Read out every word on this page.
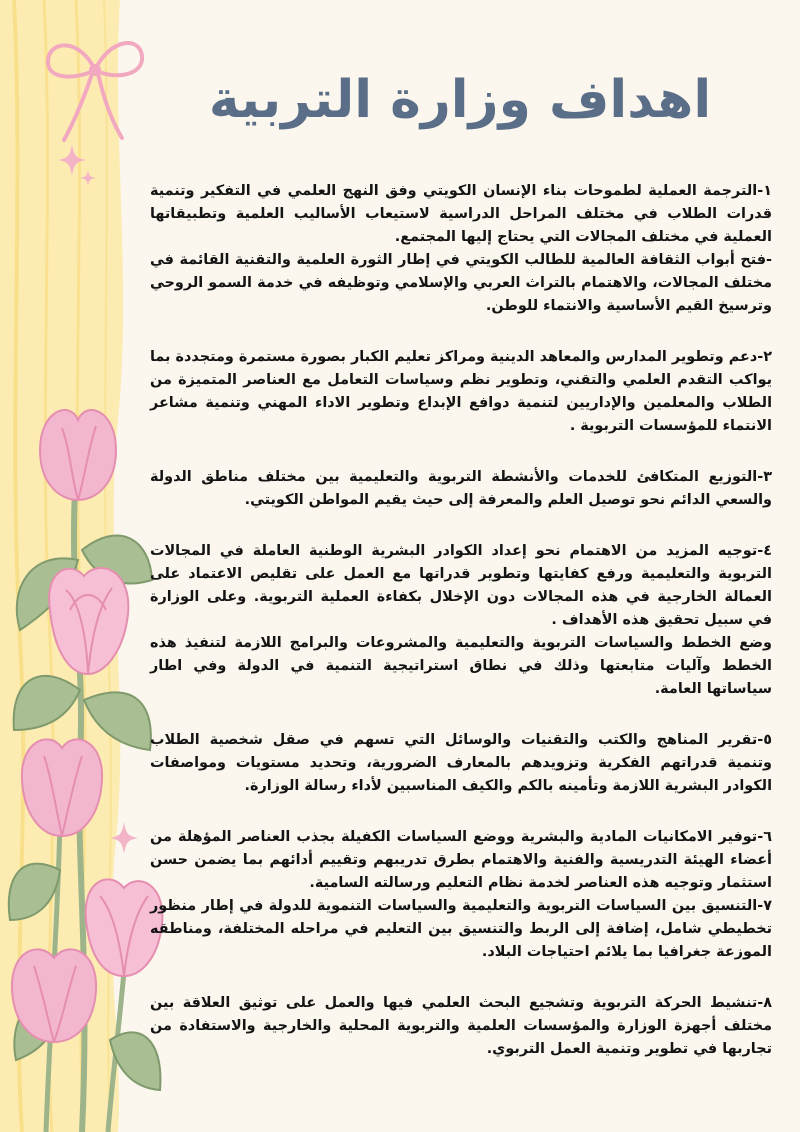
اهداف وزارة التربية
١-الترجمة العملية لطموحات بناء الإنسان الكويتي وفق النهج العلمي في التفكير وتنمية قدرات الطلاب في مختلف المراحل الدراسية لاستيعاب الأساليب العلمية وتطبيقاتها العملية في مختلف المجالات التي يحتاج إليها المجتمع.
-فتح أبواب الثقافة العالمية للطالب الكويتي في إطار الثورة العلمية والتقنية القائمة في مختلف المجالات، والاهتمام بالتراث العربي والإسلامي وتوظيفه في خدمة السمو الروحي وترسيخ القيم الأساسية والانتماء للوطن.
٢-دعم وتطوير المدارس والمعاهد الدينية ومراكز تعليم الكبار بصورة مستمرة ومتجددة بما يواكب التقدم العلمي والتقني، وتطوير نظم وسياسات التعامل مع العناصر المتميزة من الطلاب والمعلمين والإداريين لتنمية دوافع الإبداع وتطوير الاداء المهني وتنمية مشاعر الانتماء للمؤسسات التربوية .
٣-التوزيع المتكافئ للخدمات والأنشطة التربوية والتعليمية بين مختلف مناطق الدولة والسعي الدائم نحو توصيل العلم والمعرفة إلى حيث يقيم المواطن الكويتي.
٤-توجيه المزيد من الاهتمام نحو إعداد الكوادر البشرية الوطنية العاملة في المجالات التربوية والتعليمية ورفع كفايتها وتطوير قدراتها مع العمل على تقليص الاعتماد على العمالة الخارجية في هذه المجالات دون الإخلال بكفاءة العملية التربوية. وعلى الوزارة في سبيل تحقيق هذه الأهداف .
وضع الخطط والسياسات التربوية والتعليمية والمشروعات والبرامج اللازمة لتنفيذ هذه الخطط وآليات متابعتها وذلك في نطاق استراتيجية التنمية في الدولة وفي اطار سياساتها العامة.
٥-تقرير المناهج والكتب والتقنيات والوسائل التي تسهم في صقل شخصية الطلاب وتنمية قدراتهم الفكرية وتزويدهم بالمعارف الضرورية، وتحديد مستويات ومواصفات الكوادر البشرية اللازمة وتأمينه بالكم والكيف المناسبين لأداء رسالة الوزارة.
٦-توفير الامكانيات المادية والبشرية ووضع السياسات الكفيلة بجذب العناصر المؤهلة من أعضاء الهيئة التدريسية والفنية والاهتمام بطرق تدريبهم وتقييم أدائهم بما يضمن حسن استثمار وتوجيه هذه العناصر لخدمة نظام التعليم ورسالته السامية.
٧-التنسيق بين السياسات التربوية والتعليمية والسياسات التنموية للدولة في إطار منظور تخطيطي شامل، إضافة إلى الربط والتنسيق بين التعليم في مراحله المختلفة، ومناطقه الموزعة جغرافيا بما يلائم احتياجات البلاد.
٨-تنشيط الحركة التربوية وتشجيع البحث العلمي فيها والعمل على توثيق العلاقة بين مختلف أجهزة الوزارة والمؤسسات العلمية والتربوية المحلية والخارجية والاستفادة من تجاربها في تطوير وتنمية العمل التربوي.
